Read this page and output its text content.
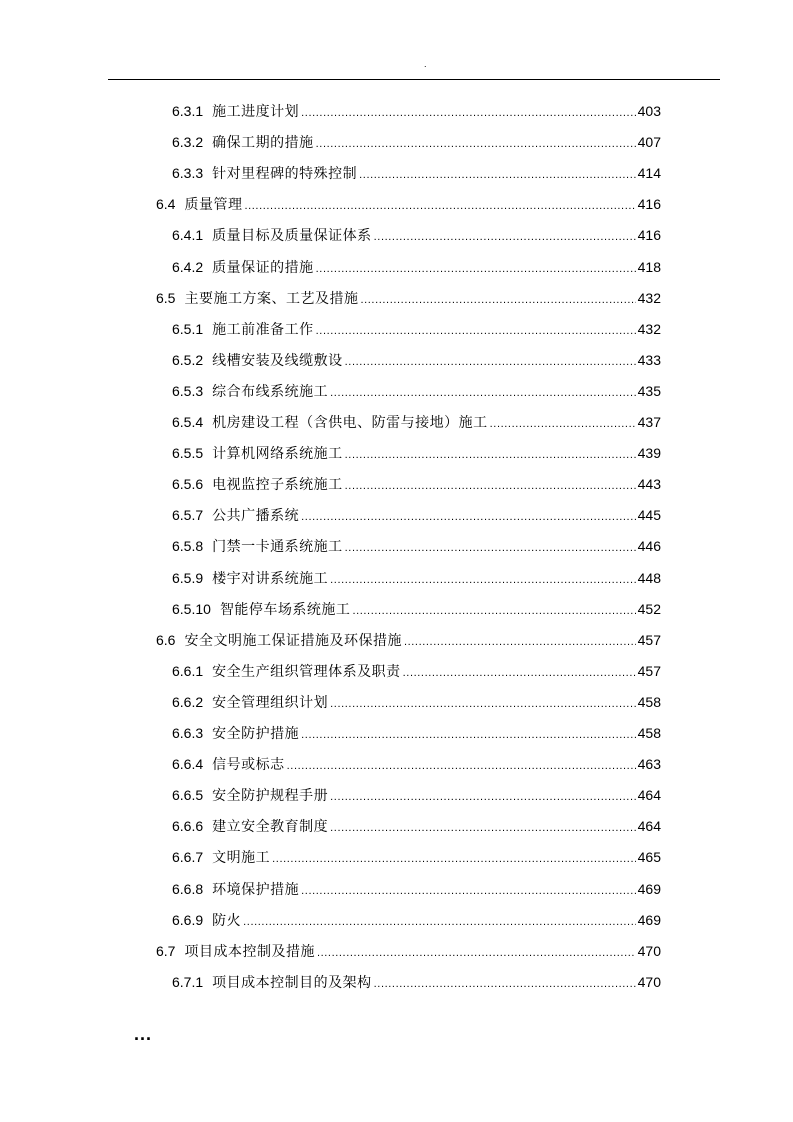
.
6.3.1 施工进度计划 .....	403
6.3.2 确保工期的措施 .....	407
6.3.3 针对里程碑的特殊控制 .....	414
6.4 质量管理 .....	416
6.4.1 质量目标及质量保证体系 .....	416
6.4.2 质量保证的措施 .....	418
6.5 主要施工方案、工艺及措施 .....	432
6.5.1 施工前准备工作 .....	432
6.5.2 线槽安装及线缆敷设 .....	433
6.5.3 综合布线系统施工 .....	435
6.5.4 机房建设工程（含供电、防雷与接地）施工 .....	437
6.5.5 计算机网络系统施工 .....	439
6.5.6 电视监控子系统施工 .....	443
6.5.7 公共广播系统 .....	445
6.5.8 门禁一卡通系统施工 .....	446
6.5.9 楼宇对讲系统施工 .....	448
6.5.10 智能停车场系统施工 .....	452
6.6 安全文明施工保证措施及环保措施 .....	457
6.6.1 安全生产组织管理体系及职责 .....	457
6.6.2 安全管理组织计划 .....	458
6.6.3 安全防护措施 .....	458
6.6.4 信号或标志 .....	463
6.6.5 安全防护规程手册 .....	464
6.6.6 建立安全教育制度 .....	464
6.6.7 文明施工 .....	465
6.6.8 环境保护措施 .....	469
6.6.9 防火 .....	469
6.7 项目成本控制及措施 .....	470
6.7.1 项目成本控制目的及架构 .....	470
...
